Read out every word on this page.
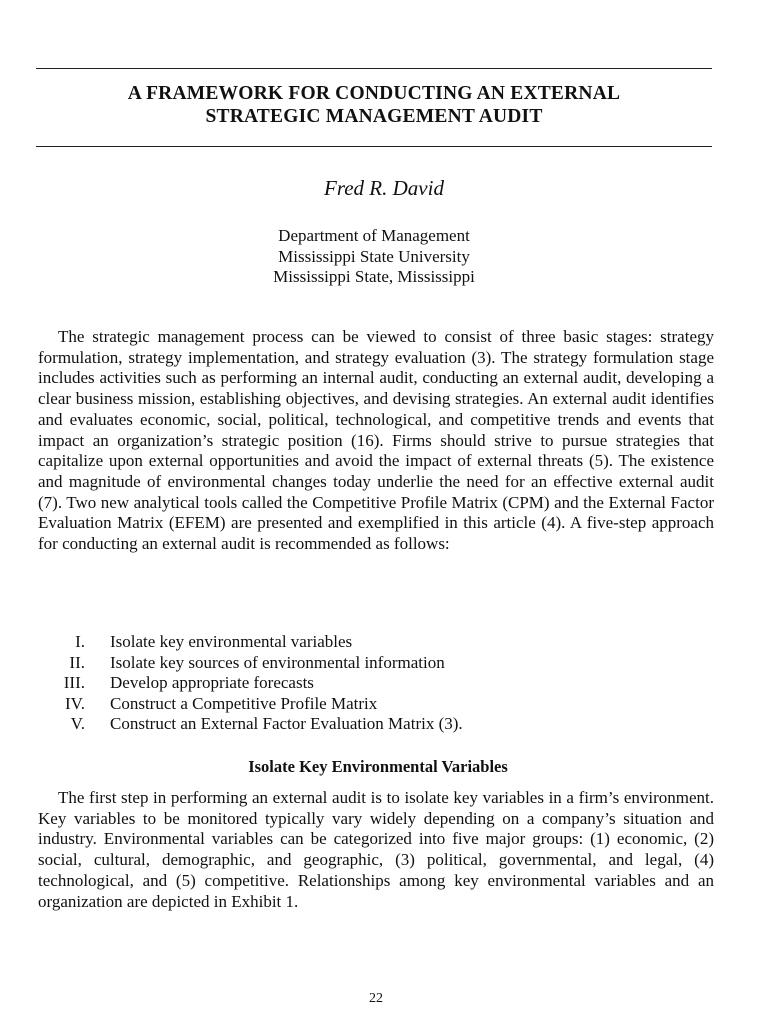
A FRAMEWORK FOR CONDUCTING AN EXTERNAL
STRATEGIC MANAGEMENT AUDIT
Fred R. David
Department of Management
Mississippi State University
Mississippi State, Mississippi

The strategic management process can be viewed to consist of three basic stages: strategy formulation, strategy implementation, and strategy evaluation (3). The strategy formulation stage includes activities such as performing an internal audit, conducting an external audit, developing a clear business mission, establishing objectives, and devising strategies. An external audit identifies and evaluates economic, social, political, technological, and competitive trends and events that impact an organization’s strategic position (16). Firms should strive to pursue strategies that capitalize upon external opportunities and avoid the impact of external threats (5). The existence and magnitude of environmental changes today underlie the need for an effective external audit (7). Two new analytical tools called the Competitive Profile Matrix (CPM) and the External Factor Evaluation Matrix (EFEM) are presented and exemplified in this article (4). A five-step approach for conducting an external audit is recommended as follows:

I. Isolate key environmental variables
II. Isolate key sources of environmental information
III. Develop appropriate forecasts
IV. Construct a Competitive Profile Matrix
V. Construct an External Factor Evaluation Matrix (3).
Isolate Key Environmental Variables

The first step in performing an external audit is to isolate key variables in a firm’s environment. Key variables to be monitored typically vary widely depending on a company’s situation and industry. Environmental variables can be categorized into five major groups: (1) economic, (2) social, cultural, demographic, and geographic, (3) political, governmental, and legal, (4) technological, and (5) competitive. Relationships among key environmental variables and an organization are depicted in Exhibit 1.

22
